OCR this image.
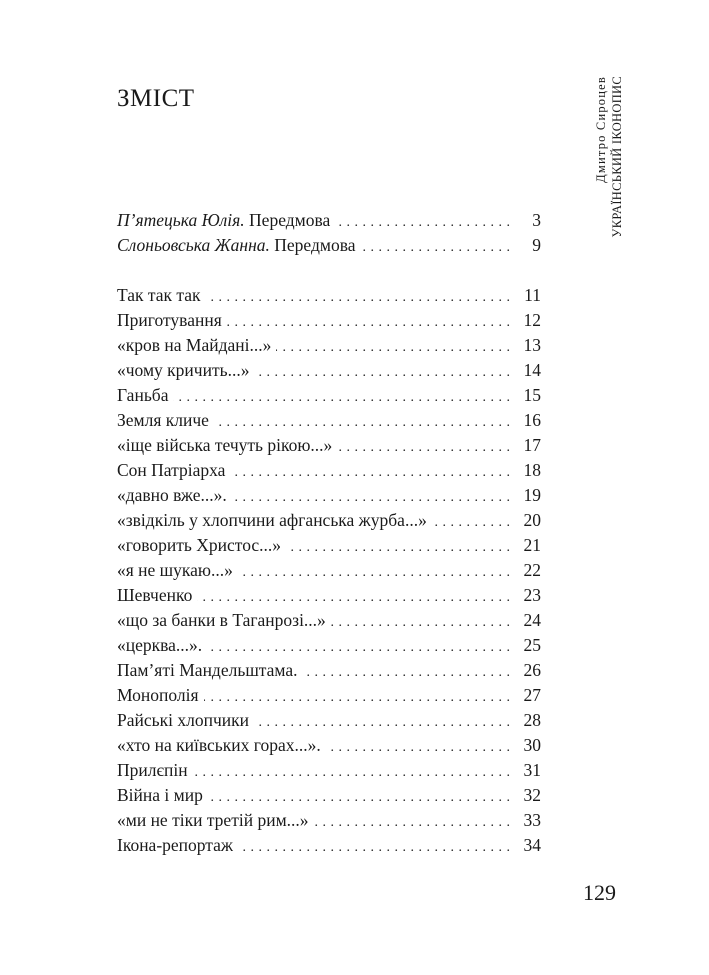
ЗМІСТ	Дмитро Сироцев УКРАЇНСЬКИЙ ІКОНОПИС
П’ятецька Юлія. Передмова . . .	3
Слоньовська Жанна. Передмова . . .	9
Так так так . . .	11
Приготування . . .	12
«кров на Майдані...» . . .	13
«чому кричить...» . . .	14
Ганьба . . .	15
Земля кличе . . .	16
«іще війська течуть рікою...» . . .	17
Сон Патріарха . . .	18
«давно вже...». . . .	19
«звідкіль у хлопчини афганська журба...» . . .	20
«говорить Христос...» . . .	21
«я не шукаю...» . . .	22
Шевченко . . .	23
«що за банки в Таганрозі...» . . .	24
«церква...». . . .	25
Пам’яті Мандельштама. . . .	26
Монополія . . .	27
Райські хлопчики . . .	28
«хто на київських горах...». . . .	30
Прилєпін . . .	31
Війна і мир . . .	32
«ми не тіки третій рим...» . . .	33
Ікона-репортаж . . .	34
129
